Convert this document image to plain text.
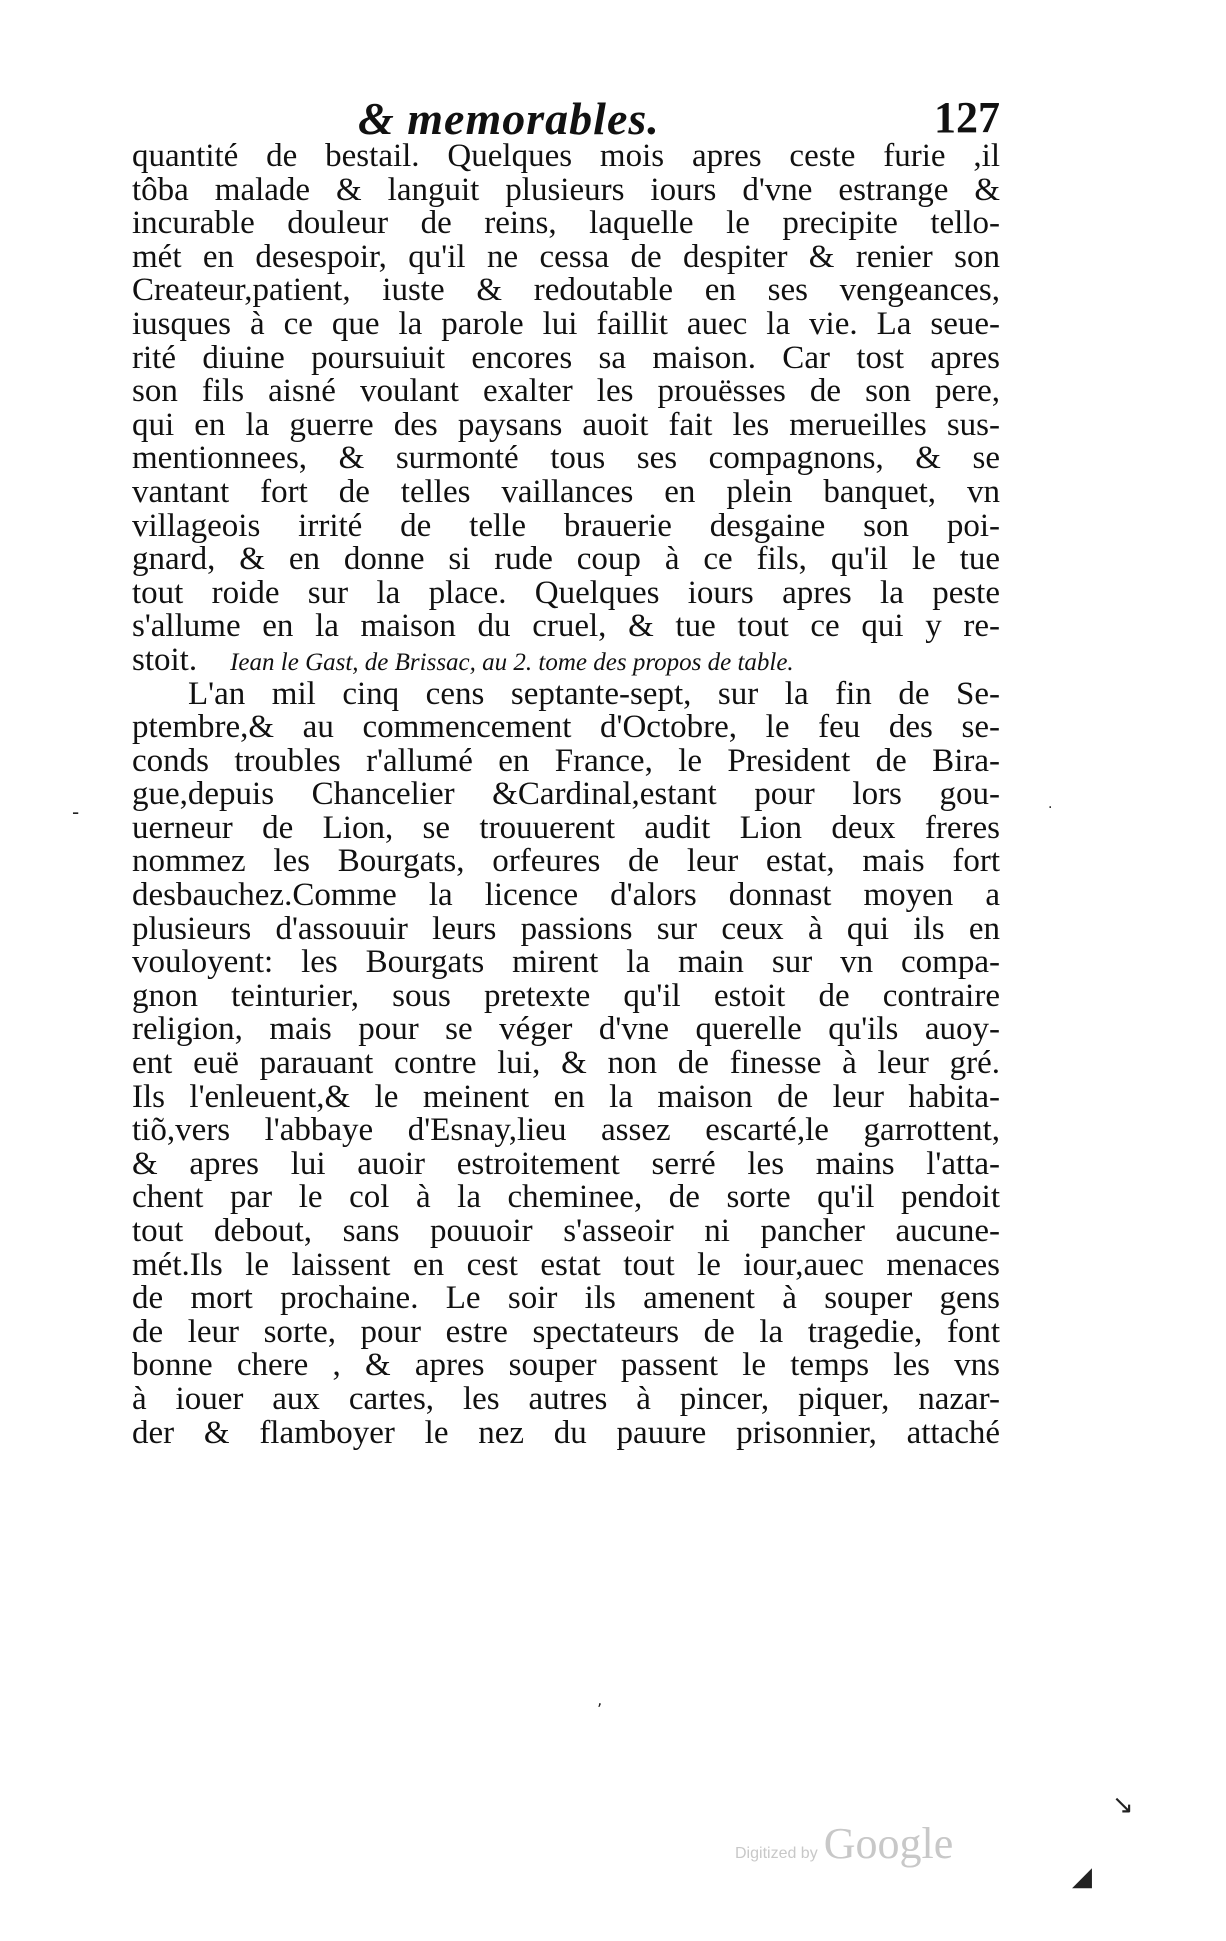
& memorables.	127
quantité de bestail. Quelques mois apres ceste furie ,il
tôba malade & languit plusieurs iours d'vne estrange &
incurable douleur de reins, laquelle le precipite tello-
mét en desespoir, qu'il ne cessa de despiter & renier son
Createur,patient, iuste & redoutable en ses vengeances,
iusques à ce que la parole lui faillit auec la vie. La seue-
rité diuine poursuiuit encores sa maison. Car tost apres
son fils aisné voulant exalter les prouësses de son pere,
qui en la guerre des paysans auoit fait les merueilles sus-
mentionnees, & surmonté tous ses compagnons, & se
vantant fort de telles vaillances en plein banquet, vn
villageois irrité de telle brauerie desgaine son poi-
gnard, & en donne si rude coup à ce fils, qu'il le tue
tout roide sur la place. Quelques iours apres la peste
s'allume en la maison du cruel, & tue tout ce qui y re-
stoit. Iean le Gast, de Brissac, au 2. tome des propos de table.
L'an mil cinq cens septante-sept, sur la fin de Se-
ptembre,& au commencement d'Octobre, le feu des se-
conds troubles r'allumé en France, le President de Bira-
gue,depuis Chancelier &Cardinal,estant pour lors gou-
uerneur de Lion, se trouuerent audit Lion deux freres
nommez les Bourgats, orfeures de leur estat, mais fort
desbauchez.Comme la licence d'alors donnast moyen a
plusieurs d'assouuir leurs passions sur ceux à qui ils en
vouloyent: les Bourgats mirent la main sur vn compa-
gnon teinturier, sous pretexte qu'il estoit de contraire
religion, mais pour se véger d'vne querelle qu'ils auoy-
ent euë parauant contre lui, & non de finesse à leur gré.
Ils l'enleuent,& le meinent en la maison de leur habita-
tiõ,vers l'abbaye d'Esnay,lieu assez escarté,le garrottent,
& apres lui auoir estroitement serré les mains l'atta-
chent par le col à la cheminee, de sorte qu'il pendoit
tout debout, sans pouuoir s'asseoir ni pancher aucune-
mét.Ils le laissent en cest estat tout le iour,auec menaces
de mort prochaine. Le soir ils amenent à souper gens
de leur sorte, pour estre spectateurs de la tragedie, font
bonne chere , & apres souper passent le temps les vns
à iouer aux cartes, les autres à pincer, piquer, nazar-
der & flamboyer le nez du pauure prisonnier, attaché
-	·
ʼ
↘
◢
Digitized by Google
